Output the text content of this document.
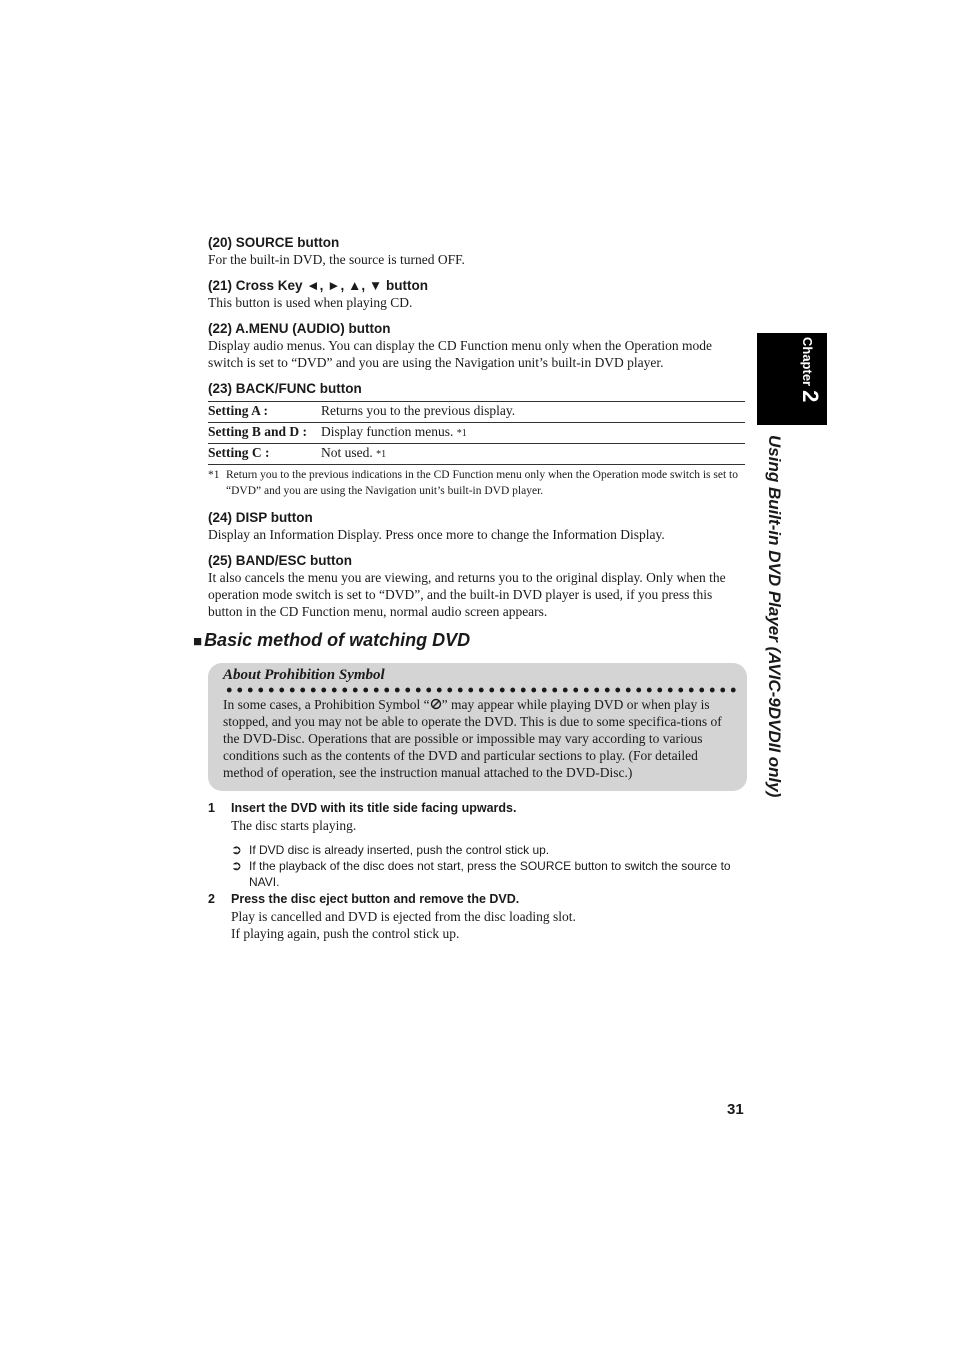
(20) SOURCE button

For the built-in DVD, the source is turned OFF.

(21) Cross Key ◄, ►, ▲, ▼ button

This button is used when playing CD.

(22) A.MENU (AUDIO) button

Display audio menus. You can display the CD Function menu only when the Operation mode switch is set to “DVD” and you are using the Navigation unit’s built-in DVD player.

(23) BACK/FUNC button

Setting A :	Returns you to the previous display.
Setting B and D :	Display function menus. *1
Setting C :	Not used. *1
*1 Return you to the previous indications in the CD Function menu only when the Operation mode switch is set to “DVD” and you are using the Navigation unit’s built-in DVD player.

(24) DISP button

Display an Information Display. Press once more to change the Information Display.

(25) BAND/ESC button

It also cancels the menu you are viewing, and returns you to the original display. Only when the operation mode switch is set to “DVD”, and the built-in DVD player is used, if you press this button in the CD Function menu, normal audio screen appears.

■ Basic method of watching DVD
About Prohibition Symbol

In some cases, a Prohibition Symbol “ ” may appear while playing DVD or when play is stopped, and you may not be able to operate the DVD. This is due to some specifica-tions of the DVD-Disc. Operations that are possible or impossible may vary according to various conditions such as the contents of the DVD and particular sections to play. (For detailed method of operation, see the instruction manual attached to the DVD-Disc.)

1	Insert the DVD with its title side facing upwards.

The disc starts playing.

➲ If DVD disc is already inserted, push the control stick up.
➲ If the playback of the disc does not start, press the SOURCE button to switch the source to NAVI.
2	Press the disc eject button and remove the DVD.

Play is cancelled and DVD is ejected from the disc loading slot.

If playing again, push the control stick up.

Chapter2
Using Built-in DVD Player (AVIC-9DVDII only)
31
